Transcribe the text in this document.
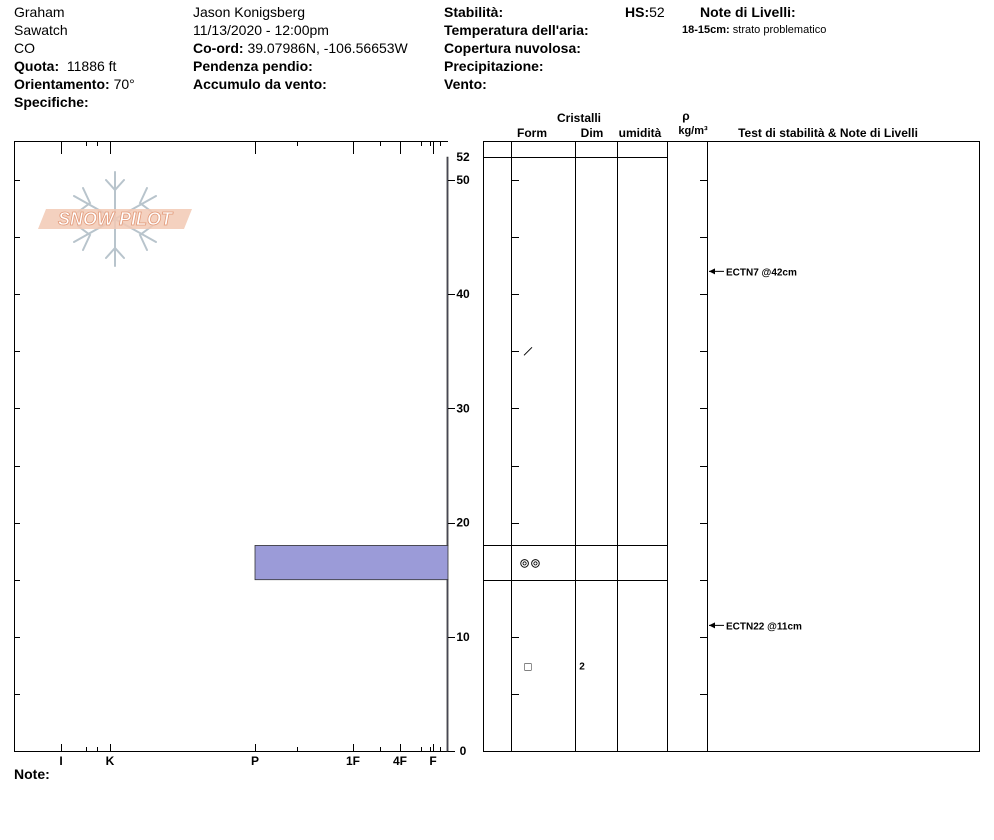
Graham
Sawatch
CO
Quota: 11886 ft
Orientamento: 70°
Specifiche:
Jason Konigsberg
11/13/2020 - 12:00pm
Co-ord: 39.07986N, -106.56653W
Pendenza pendio:
Accumulo da vento:
Stabilità:
Temperatura dell'aria:
Copertura nuvolosa:
Precipitazione:
Vento:
HS:52	Note di Livelli:
18-15cm: strato problematico
Note:
SNOW PILOT
I	K	P	1F	4F F
0
10
20
30
40
50
52
Cristalli
Form	Dim umidità
ρ
kg/m³	Test di stabilità & Note di Livelli
⊚⊚
□	2
ECTN7 @42cm
ECTN22 @11cm
